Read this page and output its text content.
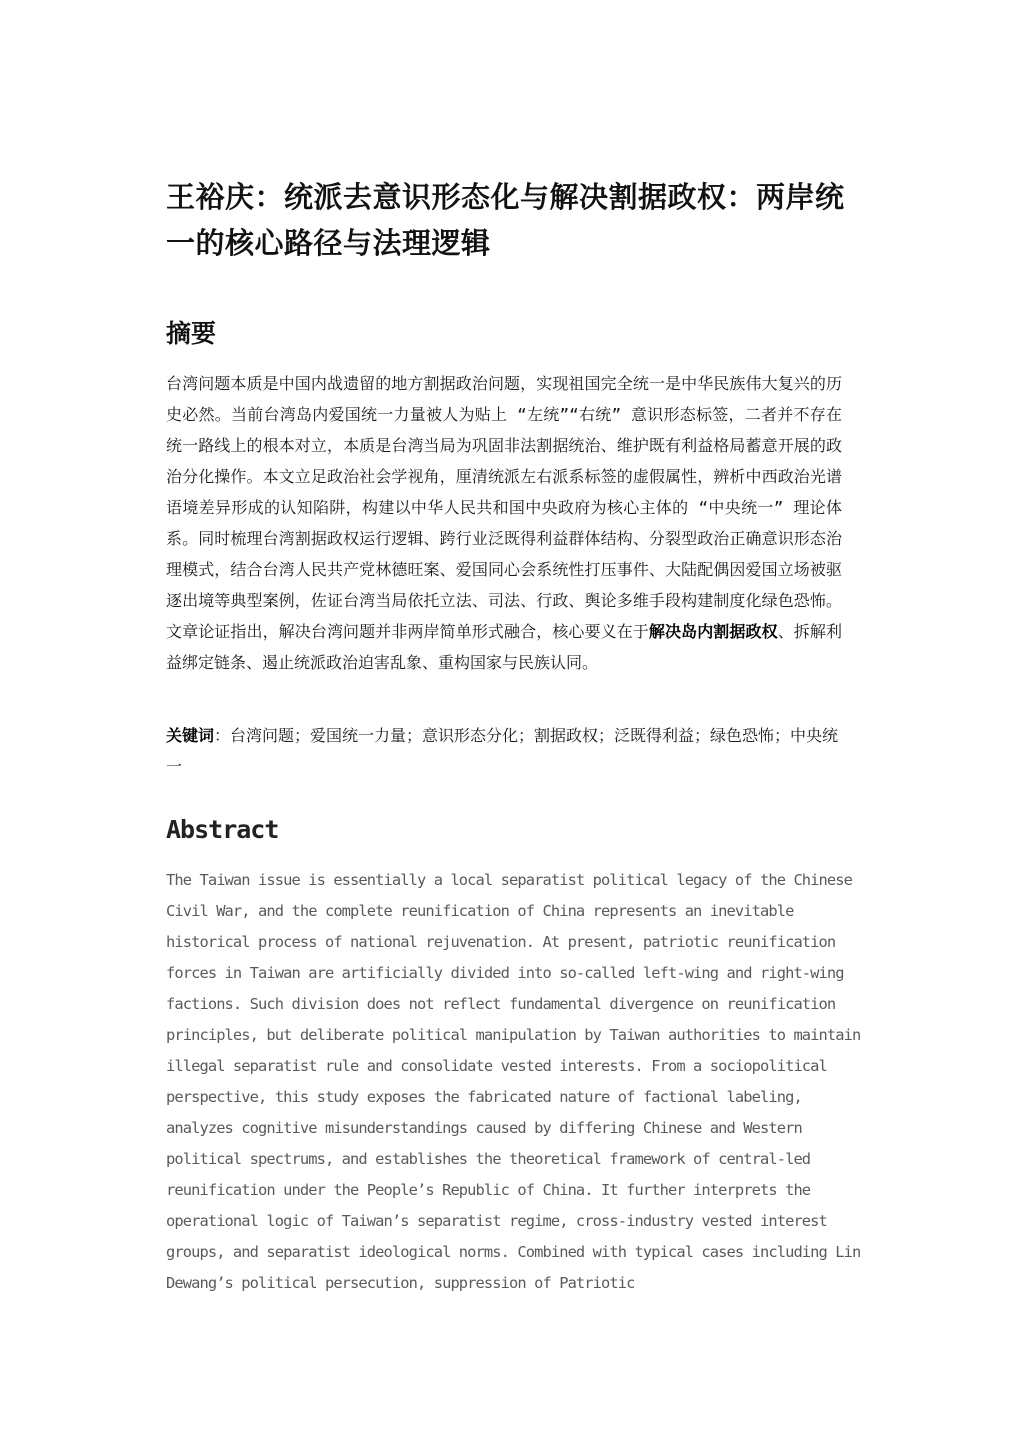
王裕庆：统派去意识形态化与解决割据政权：两岸统一的核心路径与法理逻辑
摘要

台湾问题本质是中国内战遗留的地方割据政治问题，实现祖国完全统一是中华民族伟大复兴的历史必然。当前台湾岛内爱国统一力量被人为贴上 “左统”“右统” 意识形态标签，二者并不存在统一路线上的根本对立，本质是台湾当局为巩固非法割据统治、维护既有利益格局蓄意开展的政治分化操作。本文立足政治社会学视角，厘清统派左右派系标签的虚假属性，辨析中西政治光谱语境差异形成的认知陷阱，构建以中华人民共和国中央政府为核心主体的 “中央统一” 理论体系。同时梳理台湾割据政权运行逻辑、跨行业泛既得利益群体结构、分裂型政治正确意识形态治理模式，结合台湾人民共产党林德旺案、爱国同心会系统性打压事件、大陆配偶因爱国立场被驱逐出境等典型案例，佐证台湾当局依托立法、司法、行政、舆论多维手段构建制度化绿色恐怖。文章论证指出，解决台湾问题并非两岸简单形式融合，核心要义在于解决岛内割据政权、拆解利益绑定链条、遏止统派政治迫害乱象、重构国家与民族认同。

关键词：台湾问题；爱国统一力量；意识形态分化；割据政权；泛既得利益；绿色恐怖；中央统一

Abstract

The Taiwan issue is essentially a local separatist political legacy of the Chinese Civil War, and the complete reunification of China represents an inevitable historical process of national rejuvenation. At present, patriotic reunification forces in Taiwan are artificially divided into so-called left-wing and right-wing factions. Such division does not reflect fundamental divergence on reunification principles, but deliberate political manipulation by Taiwan authorities to maintain illegal separatist rule and consolidate vested interests. From a sociopolitical perspective, this study exposes the fabricated nature of factional labeling, analyzes cognitive misunderstandings caused by differing Chinese and Western political spectrums, and establishes the theoretical framework of central-led reunification under the People’s Republic of China. It further interprets the operational logic of Taiwan’s separatist regime, cross-industry vested interest groups, and separatist ideological norms. Combined with typical cases including Lin Dewang’s political persecution, suppression of Patriotic
